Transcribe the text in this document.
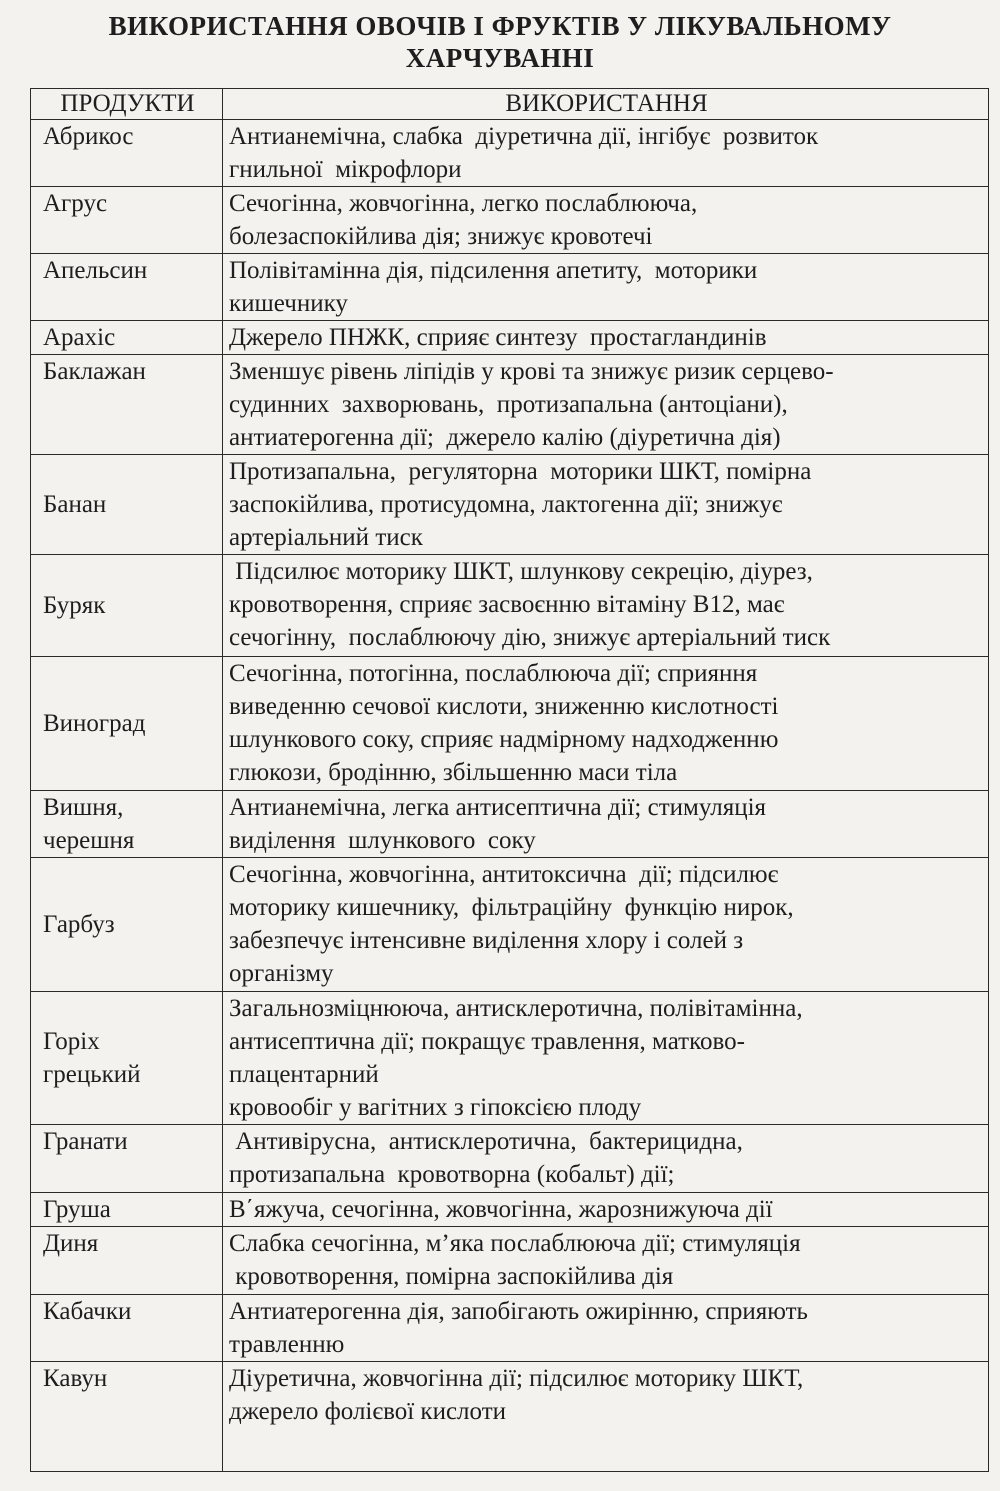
ВИКОРИСТАННЯ ОВОЧІВ І ФРУКТІВ У ЛІКУВАЛЬНОМУ
ХАРЧУВАННІ
ПРОДУКТИ	ВИКОРИСТАННЯ

Абрикос	Антианемічна, слабка  діуретична дії, інгібує  розвиток
гнильної  мікрофлори

Агрус	Сечогінна, жовчогінна, легко послаблююча,
болезаспокійлива дія; знижує кровотечі

Апельсин	Полівітамінна дія, підсилення апетиту,  моторики
кишечнику

Арахіс	Джерело ПНЖК, сприяє синтезу  простагландинів

Баклажан	Зменшує рівень ліпідів у крові та знижує ризик серцево-
судинних  захворювань,  протизапальна (антоціани),
антиатерогенна дії;  джерело калію (діуретична дія)

Банан	Протизапальна,  регуляторна  моторики ШКТ, помірна
заспокійлива, протисудомна, лактогенна дії; знижує
артеріальний тиск

Буряк	Підсилює моторику ШКТ, шлункову секрецію, діурез,
кровотворення, сприяє засвоєнню вітаміну В12, має
сечогінну,  послаблюючу дію, знижує артеріальний тиск

Виноград	Сечогінна, потогінна, послаблююча дії; сприяння
виведенню сечової кислоти, зниженню кислотності
шлункового соку, сприяє надмірному надходженню
глюкози, бродінню, збільшенню маси тіла

Вишня,
черешня	Антианемічна, легка антисептична дії; стимуляція
виділення  шлункового  соку

Гарбуз	Сечогінна, жовчогінна, антитоксична  дії; підсилює
моторику кишечнику,  фільтраційну  функцію нирок,
забезпечує інтенсивне виділення хлору і солей з
організму

Горіх
грецький	Загальнозміцнююча, антисклеротична, полівітамінна,
антисептична дії; покращує травлення, матково-
плацентарний
кровообіг у вагітних з гіпоксією плоду

Гранати	Антивірусна,  антисклеротична,  бактерицидна,
протизапальна  кровотворна (кобальт) дії;

Груша	В΄яжуча, сечогінна, жовчогінна, жарознижуюча дії

Диня	Слабка сечогінна, м’яка послаблююча дії; стимуляція
кровотворення, помірна заспокійлива дія

Кабачки	Антиатерогенна дія, запобігають ожирінню, сприяють
травленню

Кавун	Діуретична, жовчогінна дії; підсилює моторику ШКТ,
джерело фолієвої кислоти
